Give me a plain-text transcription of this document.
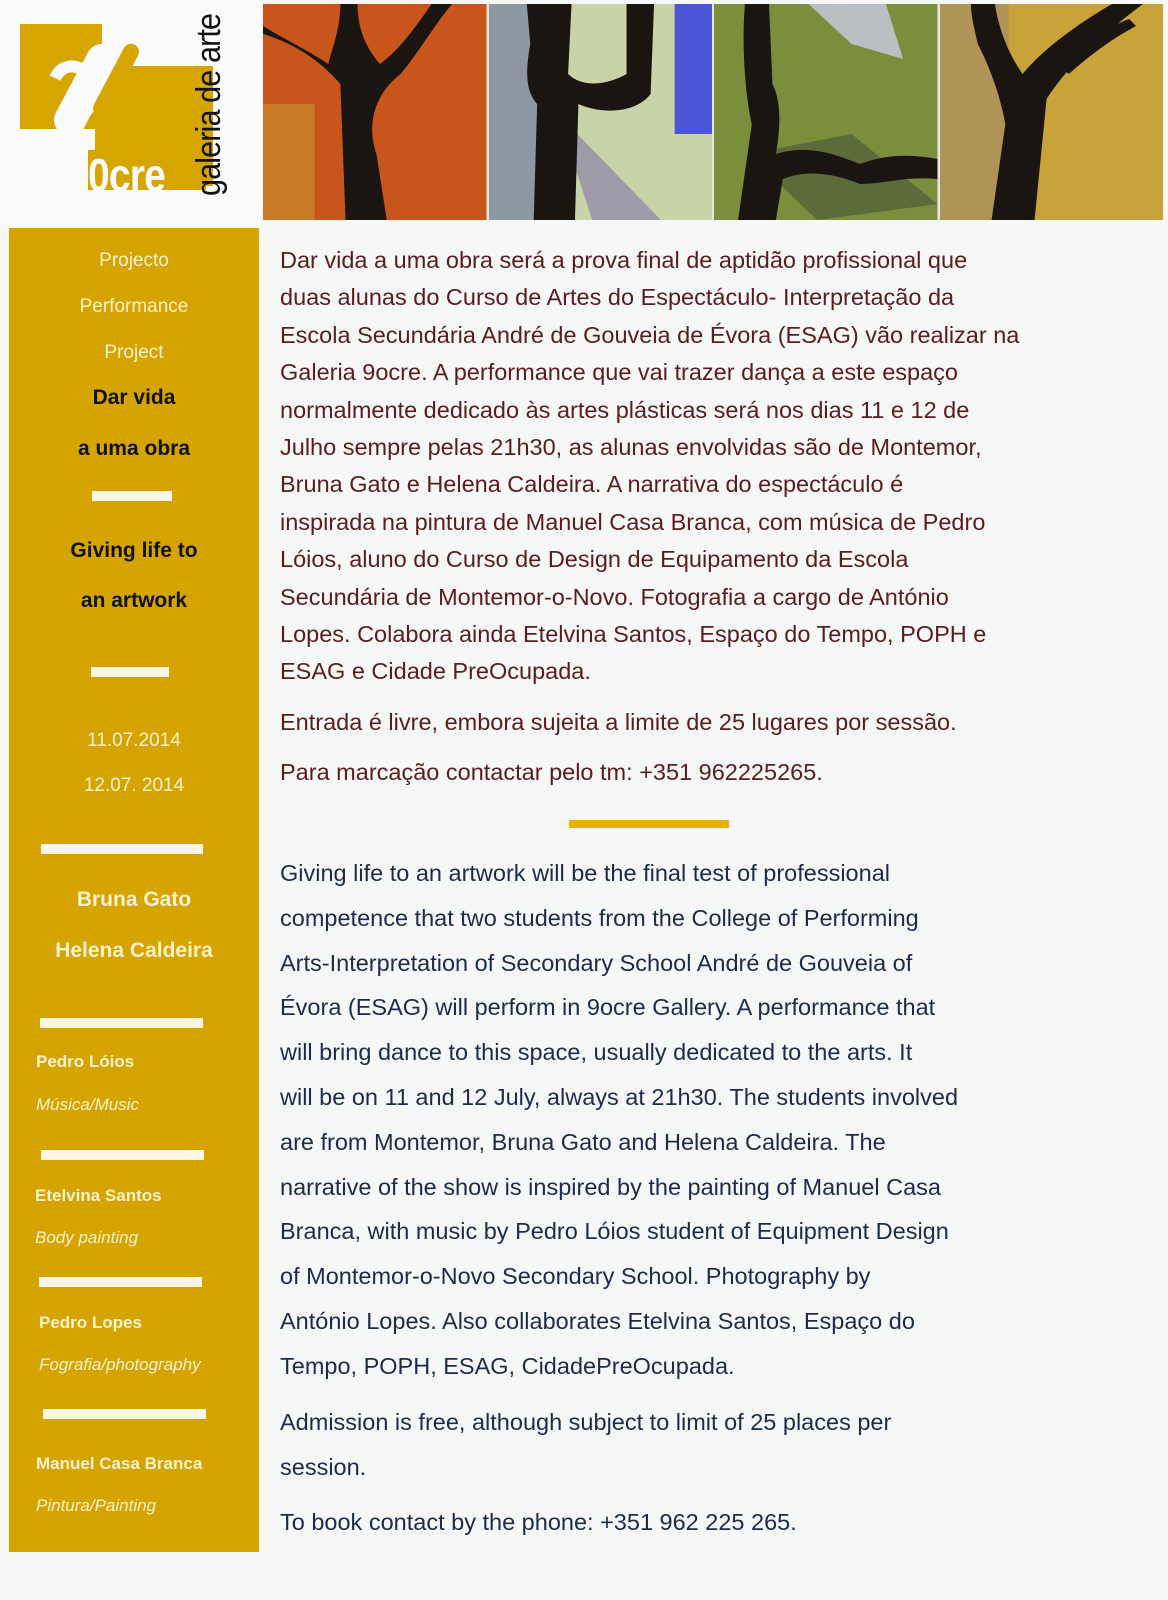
0cre galeria de arte
Projecto
Performance
Project
Dar vida
a uma obra
Giving life to
an artwork
11.07.2014
12.07. 2014
Bruna Gato
Helena Caldeira
Pedro Lóios
Música/Music
Etelvina Santos
Body painting
Pedro Lopes
Fografia/photography
Manuel Casa Branca
Pintura/Painting

Dar vida a uma obra será a prova final de aptidão profissional que

duas alunas do Curso de Artes do Espectáculo- Interpretação da

Escola Secundária André de Gouveia de Évora (ESAG) vão realizar na

Galeria 9ocre. A performance que vai trazer dança a este espaço

normalmente dedicado às artes plásticas será nos dias 11 e 12 de

Julho sempre pelas 21h30, as alunas envolvidas são de Montemor,

Bruna Gato e Helena Caldeira. A narrativa do espectáculo é

inspirada na pintura de Manuel Casa Branca, com música de Pedro

Lóios, aluno do Curso de Design de Equipamento da Escola

Secundária de Montemor-o-Novo. Fotografia a cargo de António

Lopes. Colabora ainda Etelvina Santos, Espaço do Tempo, POPH e

ESAG e Cidade PreOcupada.

Entrada é livre, embora sujeita a limite de 25 lugares por sessão.

Para marcação contactar pelo tm: +351 962225265.

Giving life to an artwork will be the final test of professional

competence that two students from the College of Performing

Arts-Interpretation of Secondary School André de Gouveia of

Évora (ESAG) will perform in 9ocre Gallery. A performance that

will bring dance to this space, usually dedicated to the arts. It

will be on 11 and 12 July, always at 21h30. The students involved

are from Montemor, Bruna Gato and Helena Caldeira. The

narrative of the show is inspired by the painting of Manuel Casa

Branca, with music by Pedro Lóios student of Equipment Design

of Montemor-o-Novo Secondary School. Photography by

António Lopes. Also collaborates Etelvina Santos, Espaço do

Tempo, POPH, ESAG, CidadePreOcupada.

Admission is free, although subject to limit of 25 places per

session.

To book contact by the phone: +351 962 225 265.
